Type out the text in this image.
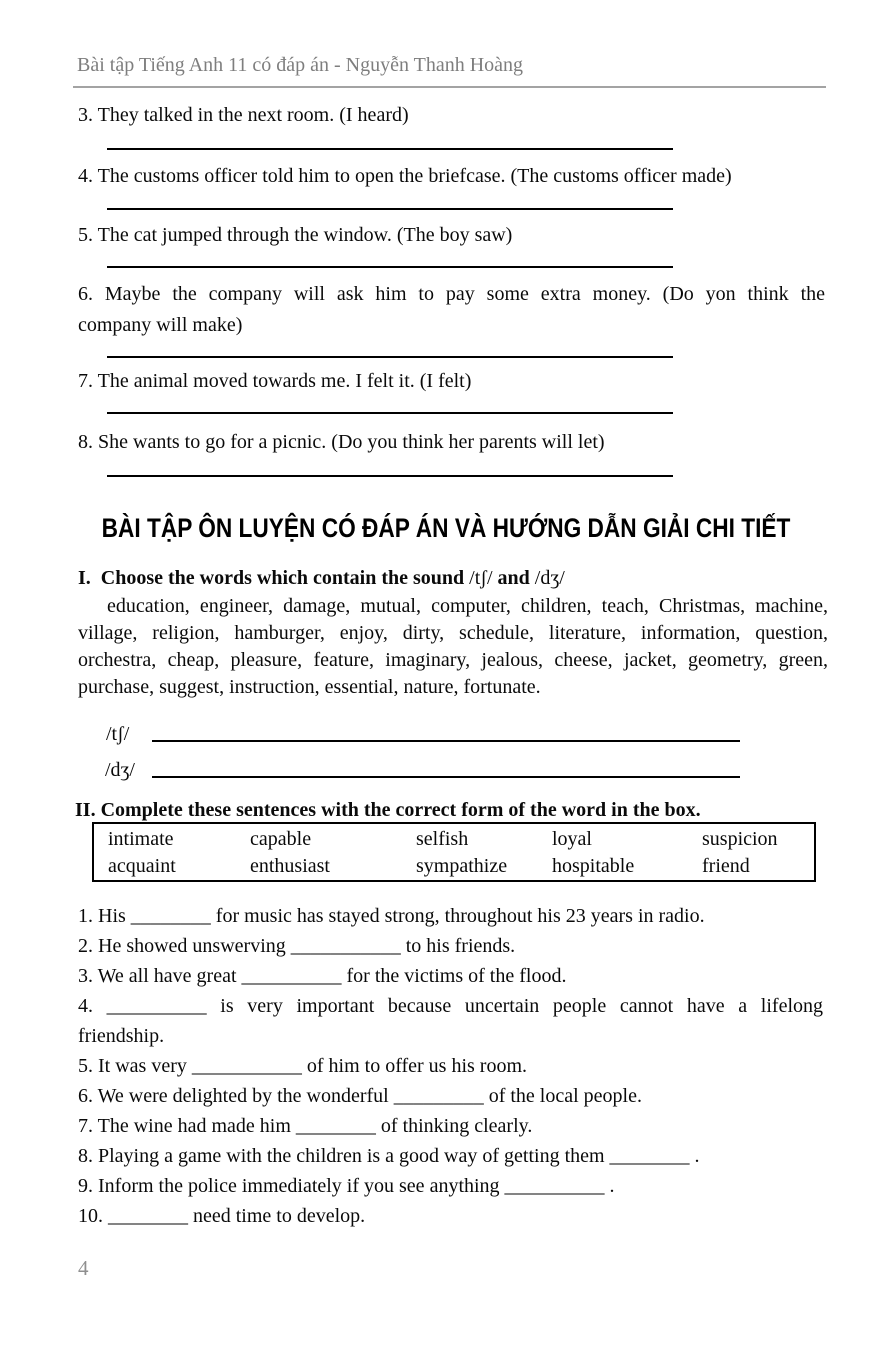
Bài tập Tiếng Anh 11 có đáp án - Nguyễn Thanh Hoàng
3. They talked in the next room. (I heard)
4. The customs officer told him to open the briefcase. (The customs officer made)
5. The cat jumped through the window. (The boy saw)
6. Maybe the company will ask him to pay some extra money. (Do yon think the
company will make)
7. The animal moved towards me. I felt it. (I felt)
8. She wants to go for a picnic. (Do you think her parents will let)
BÀI TẬP ÔN LUYỆN CÓ ĐÁP ÁN VÀ HƯỚNG DẪN GIẢI CHI TIẾT
I.  Choose the words which contain the sound /tʃ/ and /dʒ/
education, engineer, damage, mutual, computer, children, teach, Christmas, machine,
village, religion, hamburger, enjoy, dirty, schedule, literature, information, question,
orchestra, cheap, pleasure, feature, imaginary, jealous, cheese, jacket, geometry, green,
purchase, suggest, instruction, essential, nature, fortunate.
/tʃ/
/dʒ/
II. Complete these sentences with the correct form of the word in the box.
intimate	capable	selfish	loyal	suspicion
acquaint	enthusiast	sympathize	hospitable	friend
1. His ________ for music has stayed strong, throughout his 23 years in radio.
2. He showed unswerving ___________ to his friends.
3. We all have great __________ for the victims of the flood.
4. __________ is very important because uncertain people cannot have a lifelong
friendship.
5. It was very ___________ of him to offer us his room.
6. We were delighted by the wonderful _________ of the local people.
7. The wine had made him ________ of thinking clearly.
8. Playing a game with the children is a good way of getting them ________ .
9. Inform the police immediately if you see anything __________ .
10. ________ need time to develop.
4
